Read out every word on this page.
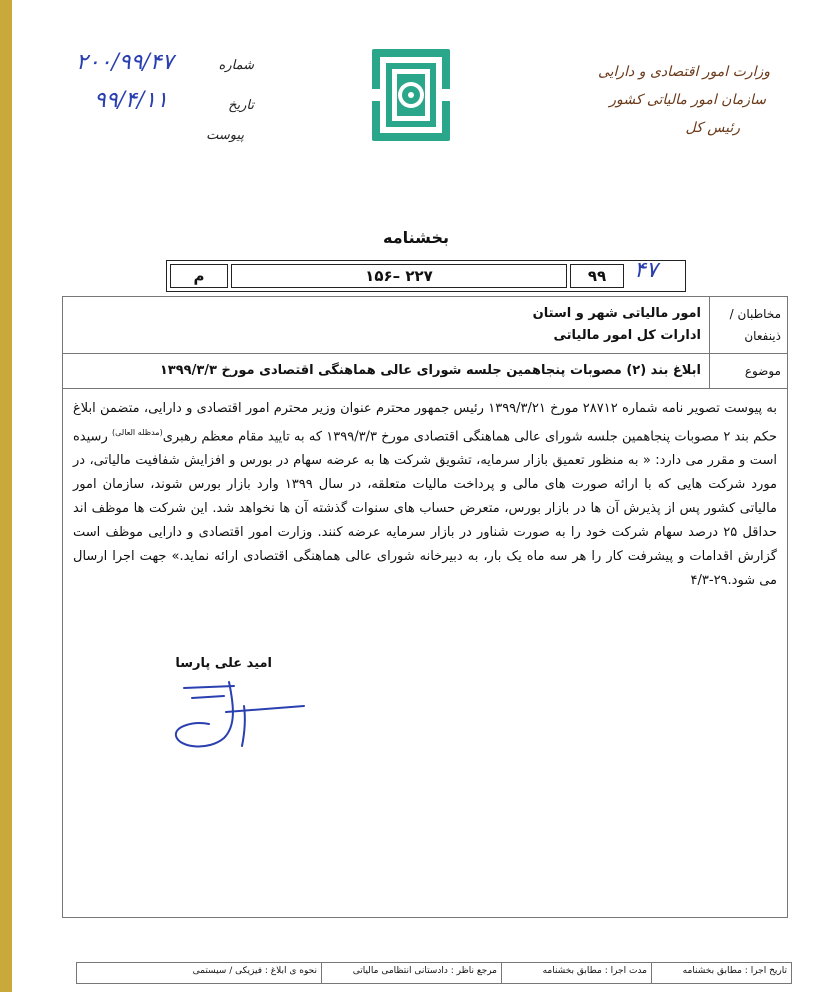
وزارت امور اقتصادی و دارایی
سازمان امور مالیاتی کشور
رئیس کل
شماره
۲۰۰/۹۹/۴۷
تاریخ
۹۹/۴/۱۱
پیوست
بخشنامه
۹۹
۲۲۷ –۱۵۶
م	۴۷
مخاطبان / ذینفعان
امور مالیاتی شهر و استان
ادارات کل امور مالیاتی
موضوع
ابلاغ بند (۲) مصوبات پنجاهمین جلسه شورای عالی هماهنگی اقتصادی مورخ ۱۳۹۹/۳/۳
به پیوست تصویر نامه شماره ۲۸۷۱۲ مورخ ۱۳۹۹/۳/۲۱ رئیس جمهور محترم عنوان وزیر محترم امور اقتصادی و دارایی، متضمن ابلاغ حکم بند ۲ مصوبات پنجاهمین جلسه شورای عالی هماهنگی اقتصادی مورخ ۱۳۹۹/۳/۳ که به تایید مقام معظم رهبری$^{(مدظله العالی)}$ رسیده است و مقرر می دارد: « به منظور تعمیق بازار سرمایه، تشویق شرکت ها به عرضه سهام در بورس و افزایش شفافیت مالیاتی، در مورد شرکت هایی که با ارائه صورت های مالی و پرداخت مالیات متعلقه، در سال ۱۳۹۹ وارد بازار بورس شوند، سازمان امور مالیاتی کشور پس از پذیرش آن ها در بازار بورس، متعرض حساب های سنوات گذشته آن ها نخواهد شد. این شرکت ها موظف اند حداقل ۲۵ درصد سهام شرکت خود را به صورت شناور در بازار سرمایه عرضه کنند. وزارت امور اقتصادی و دارایی موظف است گزارش اقدامات و پیشرفت کار را هر سه ماه یک بار، به دبیرخانه شورای عالی هماهنگی اقتصادی ارائه نماید.» جهت اجرا ارسال می شود.۲۹-۴/۳
امید علی پارسا
تاریخ اجرا : مطابق بخشنامه
مدت اجرا : مطابق بخشنامه
مرجع ناظر : دادستانی انتظامی مالیاتی
نحوه ی ابلاغ : فیزیکی / سیستمی
